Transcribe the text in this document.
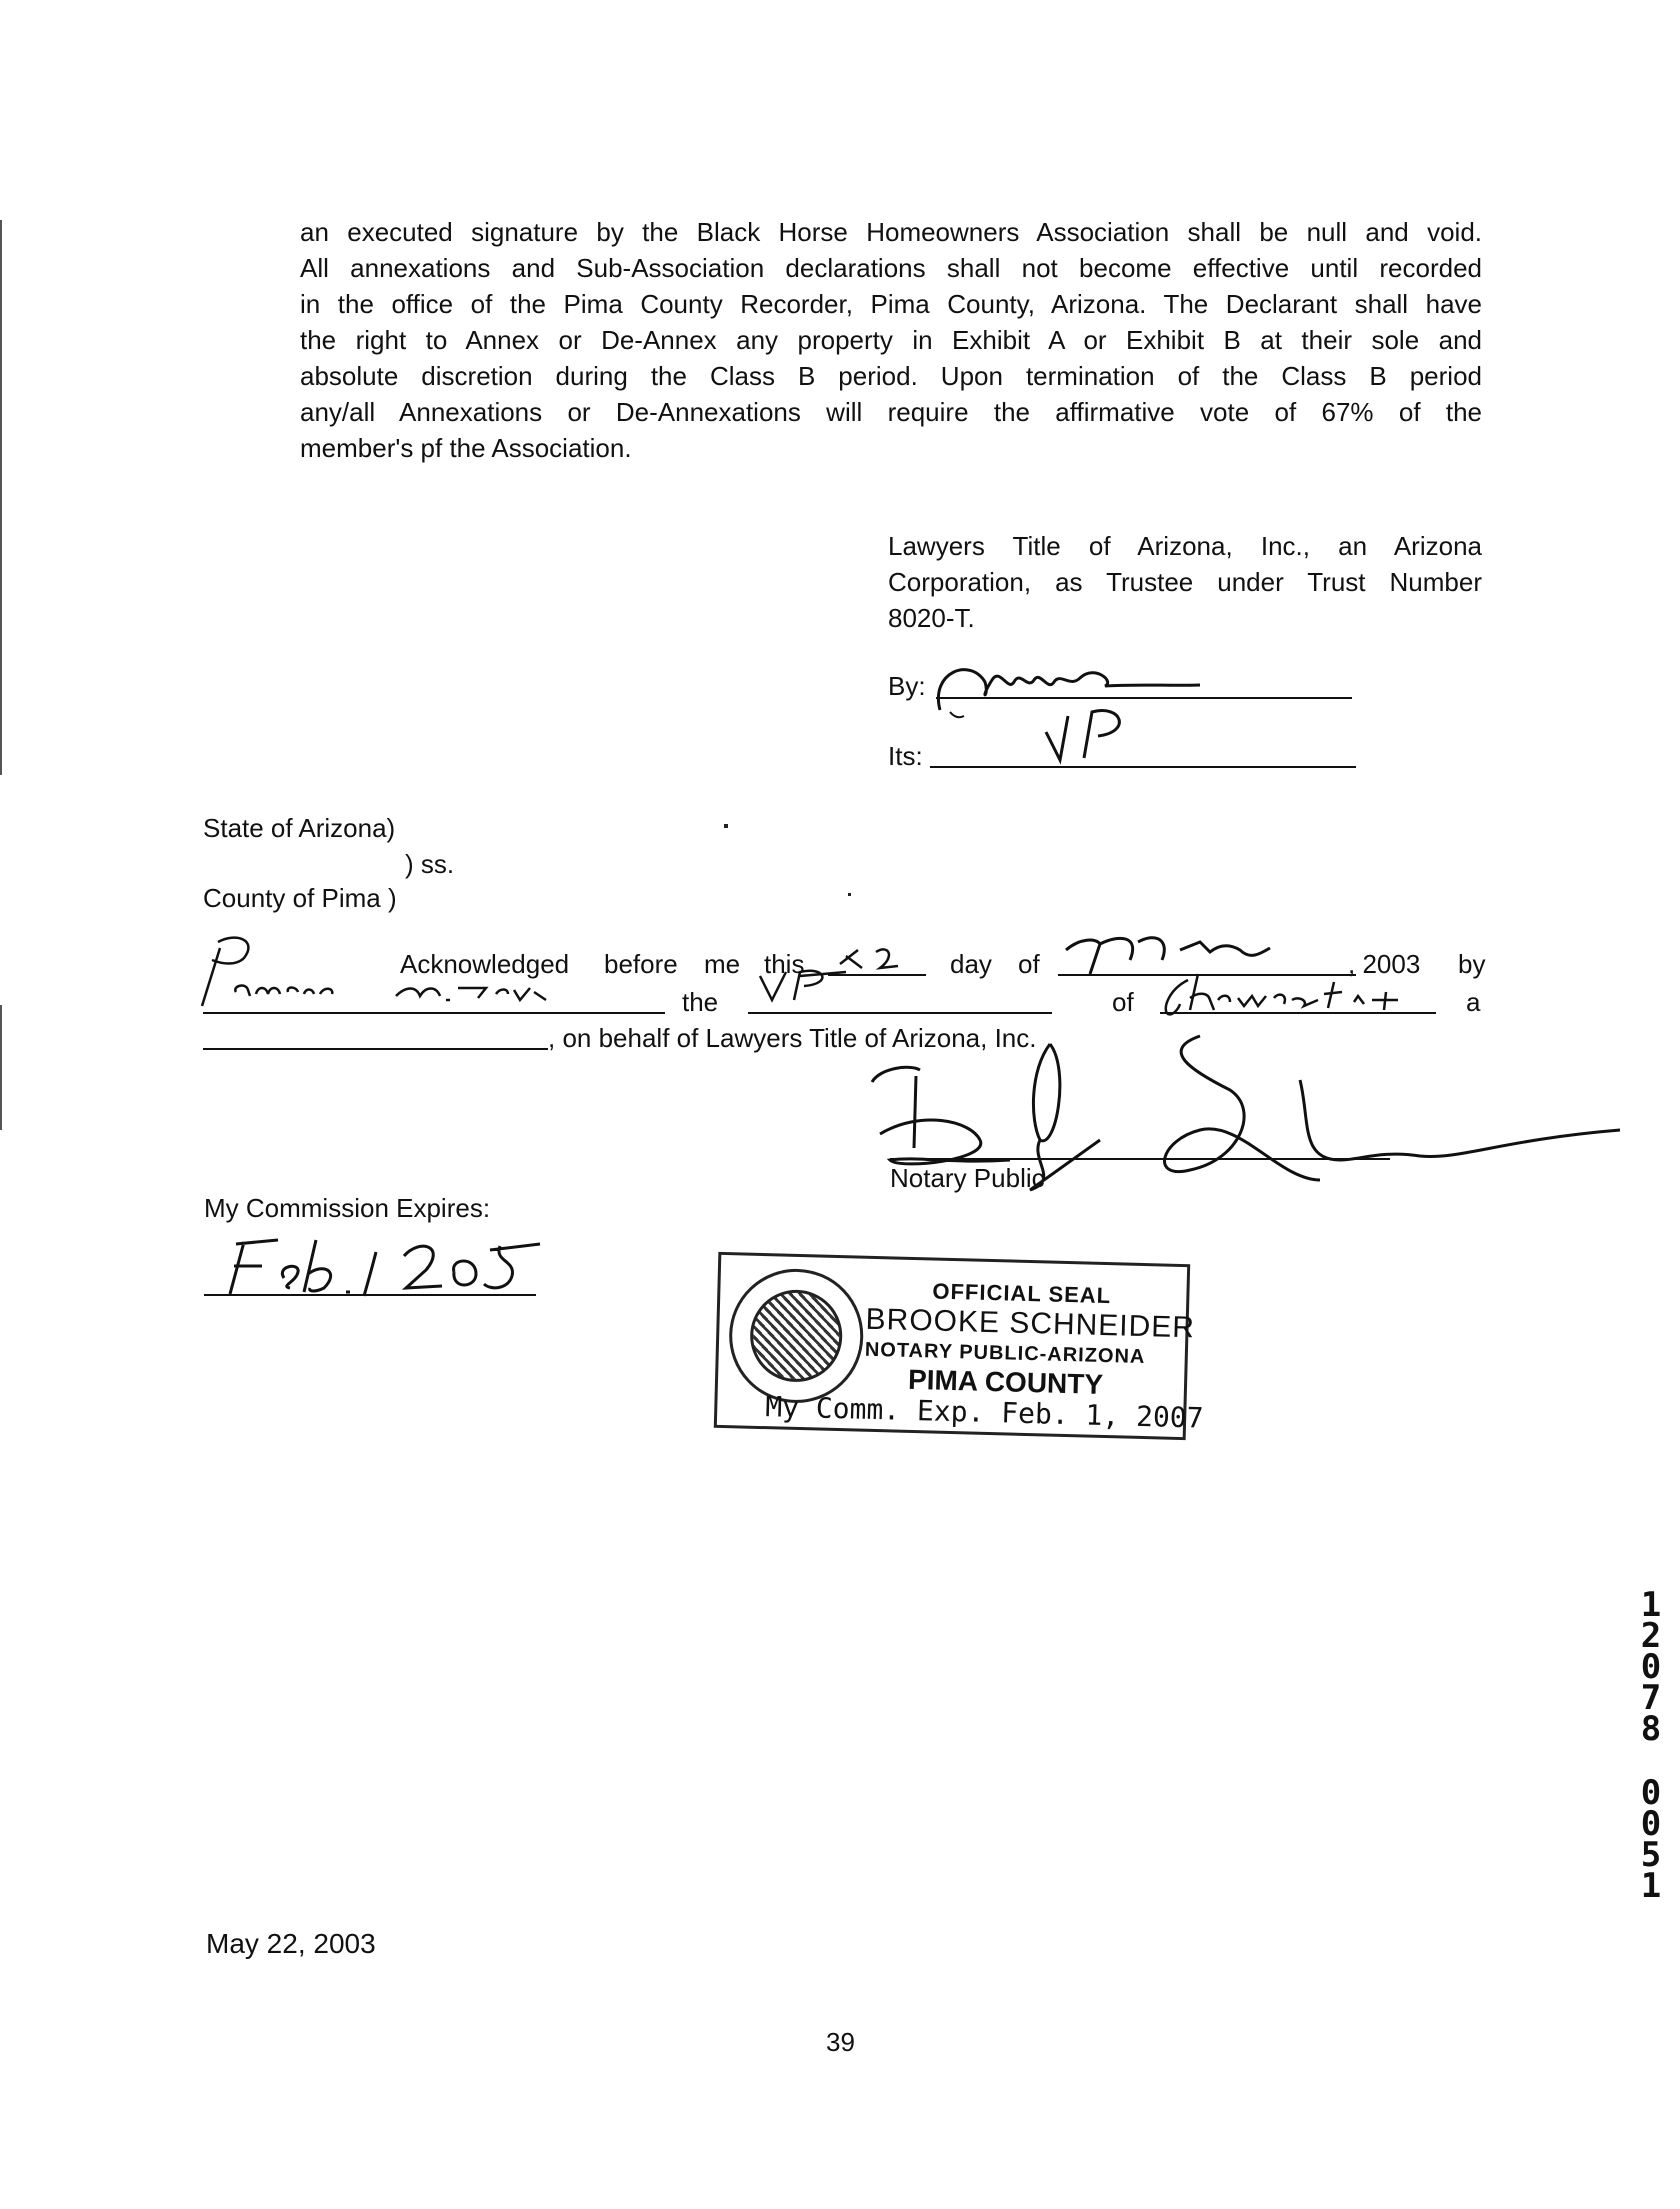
an executed signature by the Black Horse Homeowners Association shall be null and void.
All annexations and Sub-Association declarations shall not become effective until recorded
in the office of the Pima County Recorder, Pima County, Arizona. The Declarant shall have
the right to Annex or De-Annex any property in Exhibit A or Exhibit B at their sole and
absolute discretion during the Class B period. Upon termination of the Class B period
any/all Annexations or De-Annexations will require the affirmative vote of 67% of the
member's pf the Association.
Lawyers Title of Arizona, Inc., an Arizona
Corporation, as Trustee under Trust Number
8020-T.
By:
Its:
State of Arizona)
) ss.
County of Pima )
Acknowledged before me this	day of	, 2003 by
the	of	a
, on behalf of Lawyers Title of Arizona, Inc.
Notary Public
My Commission Expires:
OFFICIAL SEAL
BROOKE SCHNEIDER
NOTARY PUBLIC-ARIZONA
PIMA COUNTY
My Comm. Exp. Feb. 1, 2007
1
2
0
7
8
0
0
5
1
May 22, 2003
39
